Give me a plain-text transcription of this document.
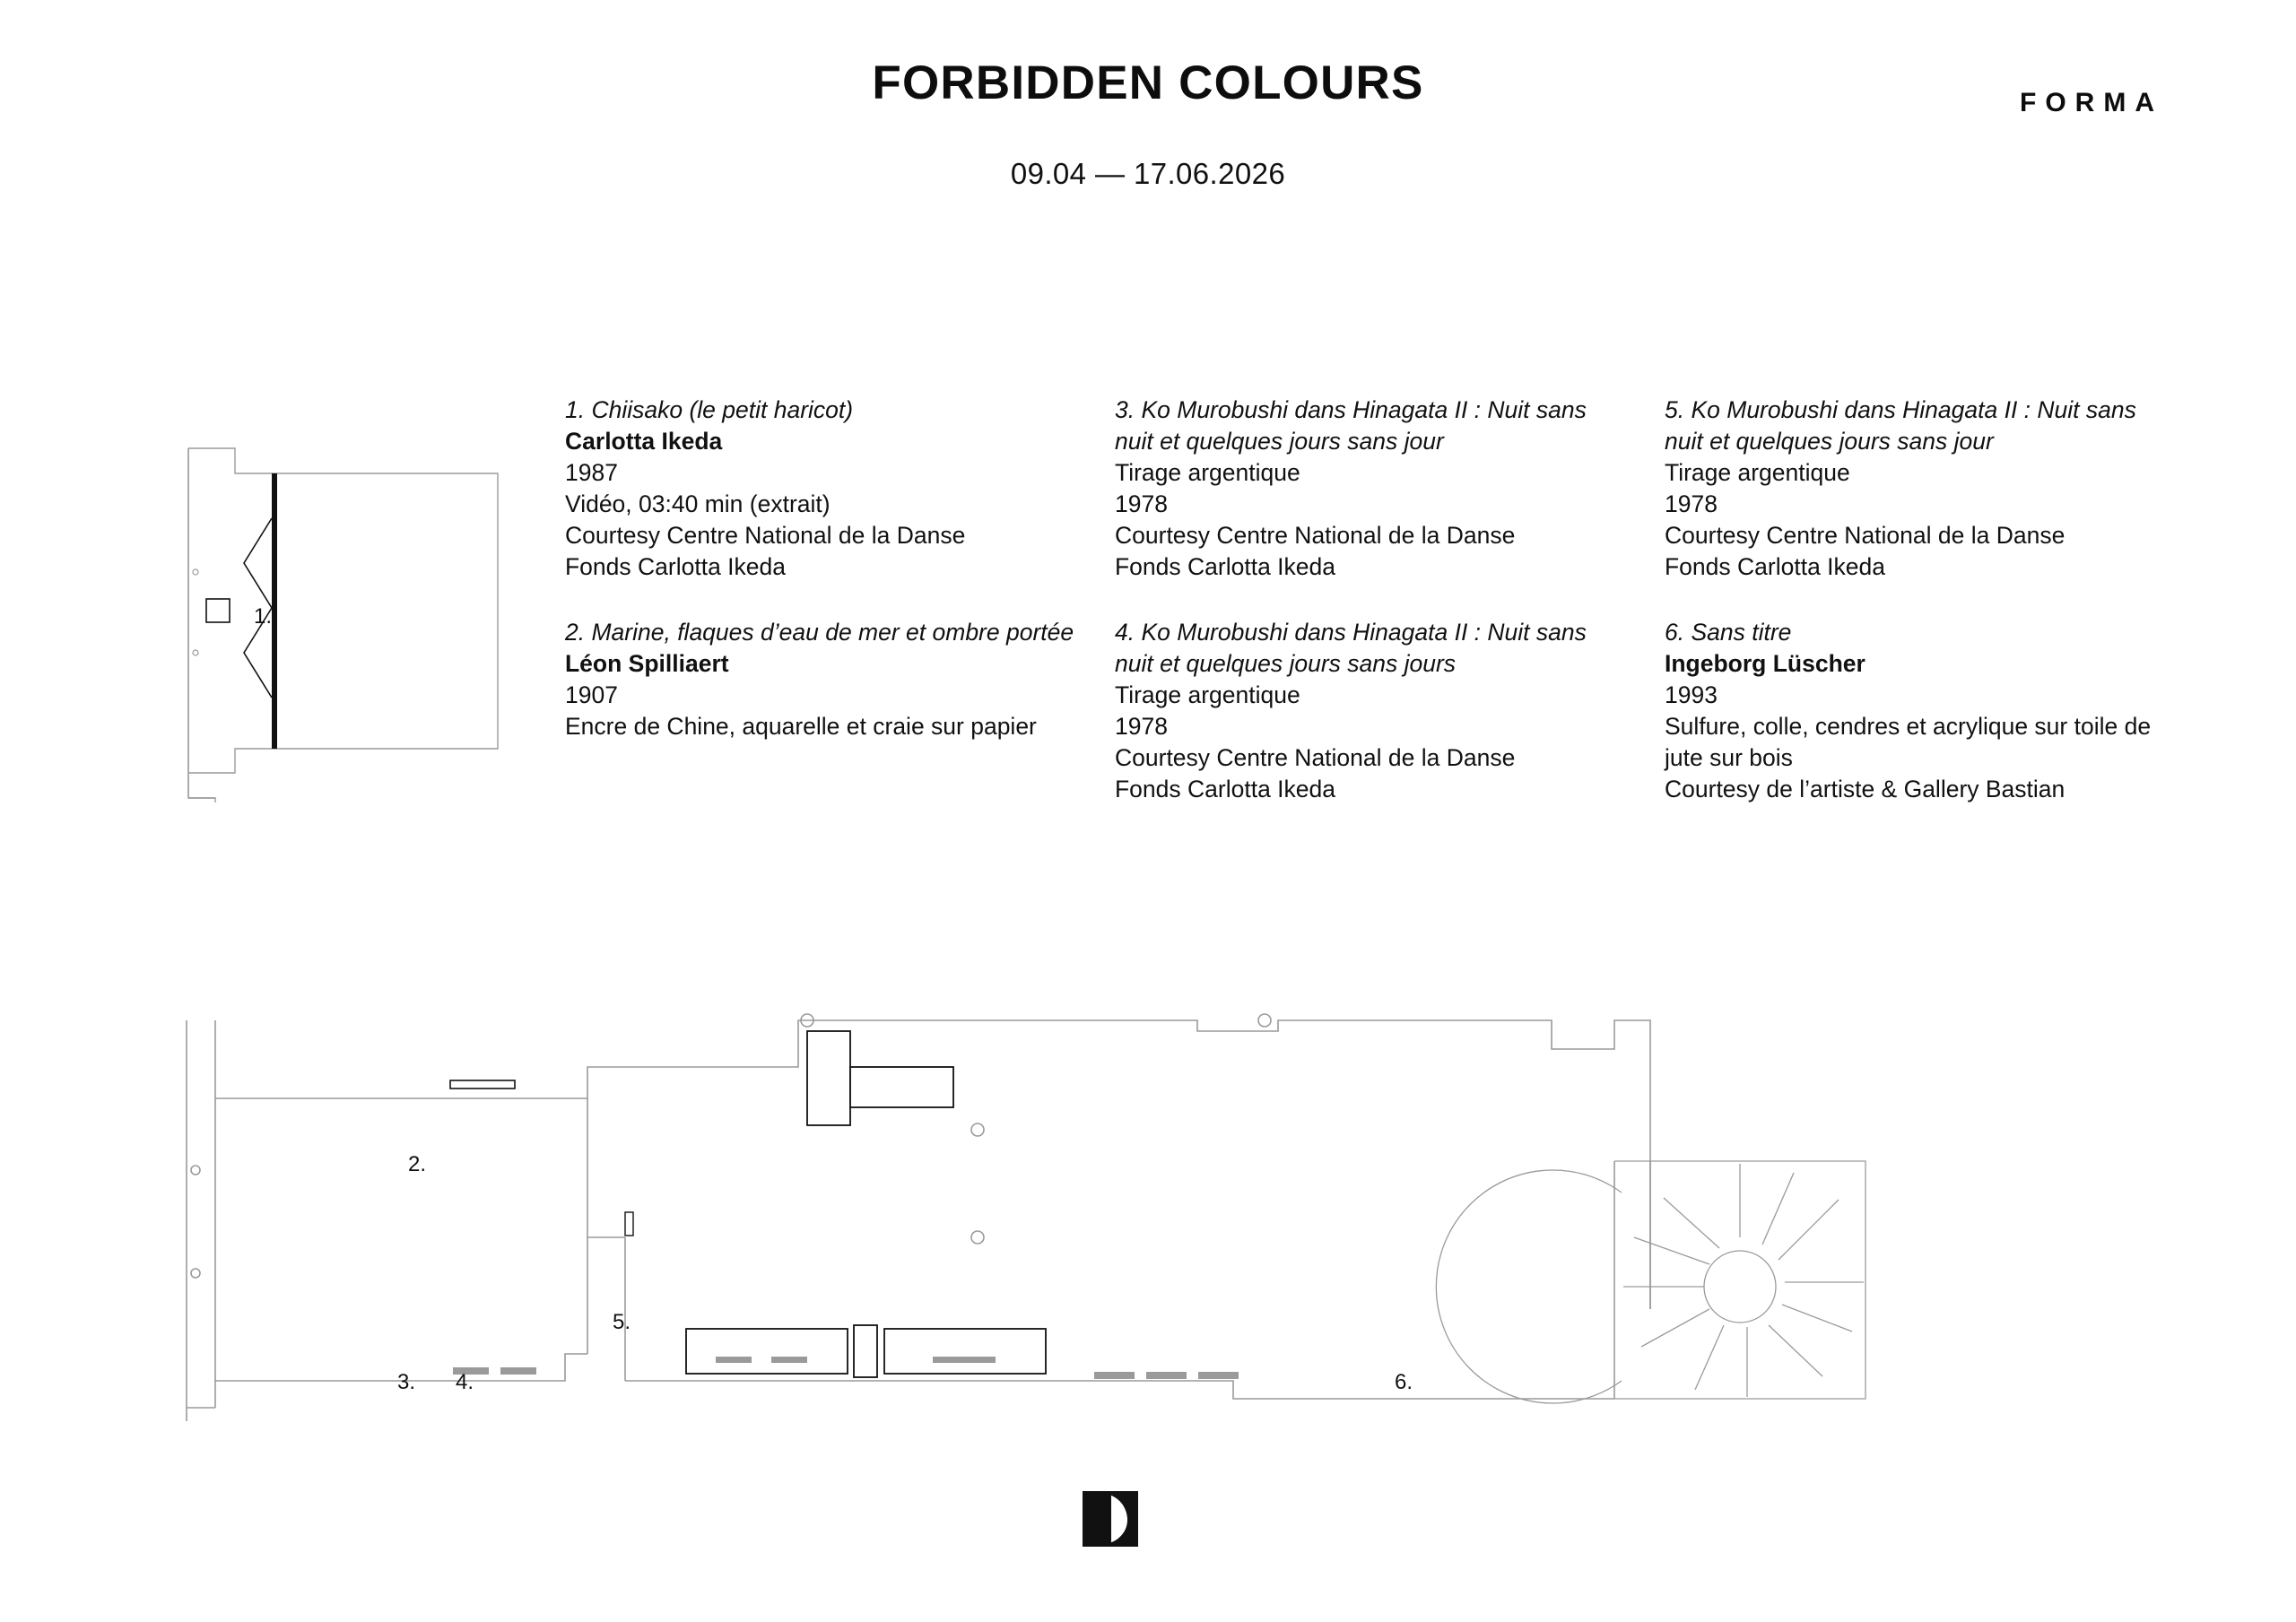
FORBIDDEN COLOURS
09.04 — 17.06.2026
FORMA
1.
1. Chiisako (le petit haricot)
Carlotta Ikeda
1987
Vidéo, 03:40 min (extrait)
Courtesy Centre National de la Danse
Fonds Carlotta Ikeda
2. Marine, flaques d’eau de mer et ombre portée
Léon Spilliaert
1907
Encre de Chine, aquarelle et craie sur papier
3. Ko Murobushi dans Hinagata II : Nuit sans nuit et quelques jours sans jour
Tirage argentique
1978
Courtesy Centre National de la Danse
Fonds Carlotta Ikeda
4. Ko Murobushi dans Hinagata II : Nuit sans nuit et quelques jours sans jours
Tirage argentique
1978
Courtesy Centre National de la Danse
Fonds Carlotta Ikeda
5. Ko Murobushi dans Hinagata II : Nuit sans nuit et quelques jours sans jour
Tirage argentique
1978
Courtesy Centre National de la Danse
Fonds Carlotta Ikeda
6. Sans titre
Ingeborg Lüscher
1993
Sulfure, colle, cendres et acrylique sur toile de jute sur bois
Courtesy de l’artiste & Gallery Bastian
2.
3. 4.
5.
6.
